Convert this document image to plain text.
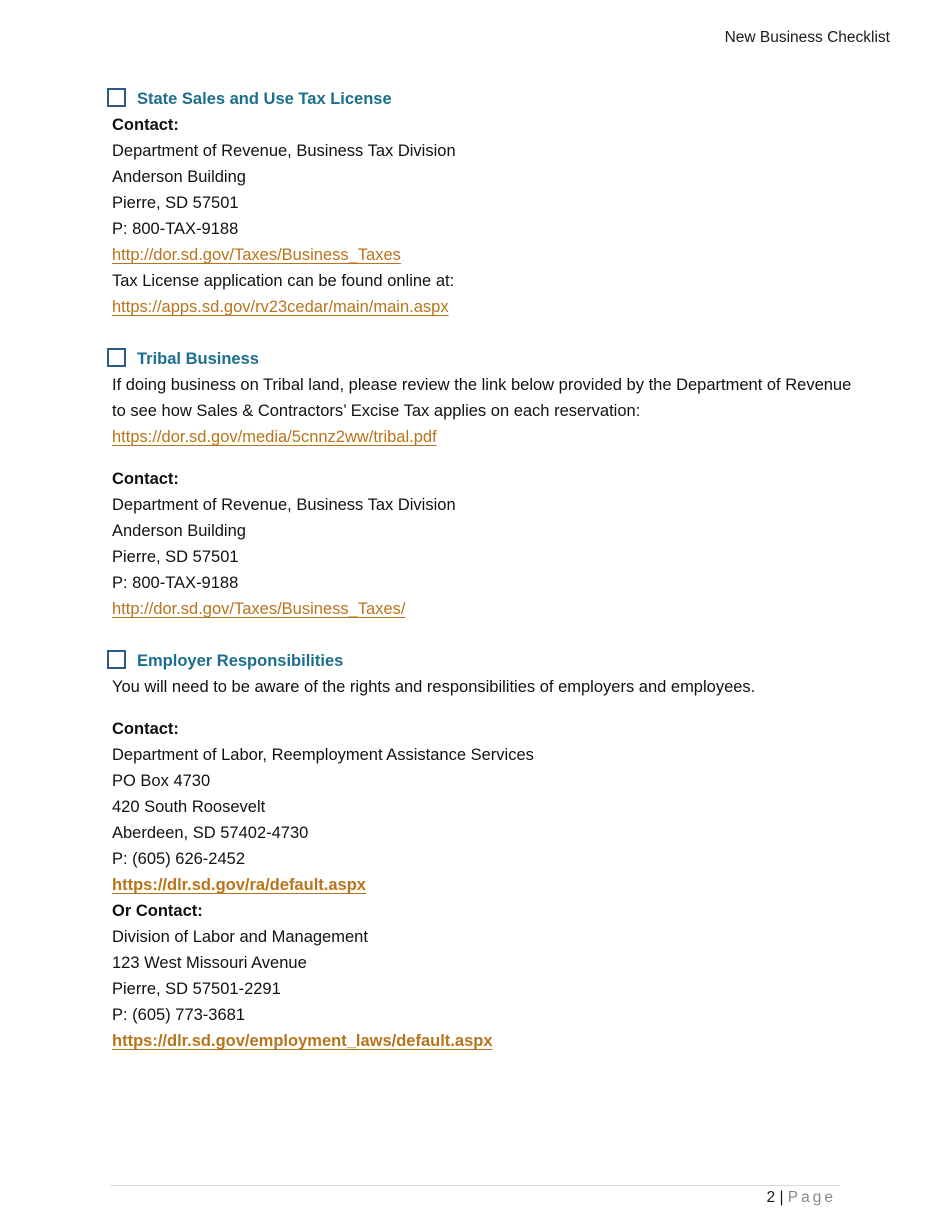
New Business Checklist
State Sales and Use Tax License
Contact:
Department of Revenue, Business Tax Division
Anderson Building
Pierre, SD 57501
P: 800-TAX-9188
http://dor.sd.gov/Taxes/Business_Taxes
Tax License application can be found online at:
https://apps.sd.gov/rv23cedar/main/main.aspx
Tribal Business
If doing business on Tribal land, please review the link below provided by the Department of Revenue to see how Sales & Contractors’ Excise Tax applies on each reservation:
https://dor.sd.gov/media/5cnnz2ww/tribal.pdf
Contact:
Department of Revenue, Business Tax Division
Anderson Building
Pierre, SD 57501
P: 800-TAX-9188
http://dor.sd.gov/Taxes/Business_Taxes/
Employer Responsibilities
You will need to be aware of the rights and responsibilities of employers and employees.
Contact:
Department of Labor, Reemployment Assistance Services
PO Box 4730
420 South Roosevelt
Aberdeen, SD 57402-4730
P: (605) 626-2452
https://dlr.sd.gov/ra/default.aspx
Or Contact:
Division of Labor and Management
123 West Missouri Avenue
Pierre, SD 57501-2291
P: (605) 773-3681
https://dlr.sd.gov/employment_laws/default.aspx
2 | Page
